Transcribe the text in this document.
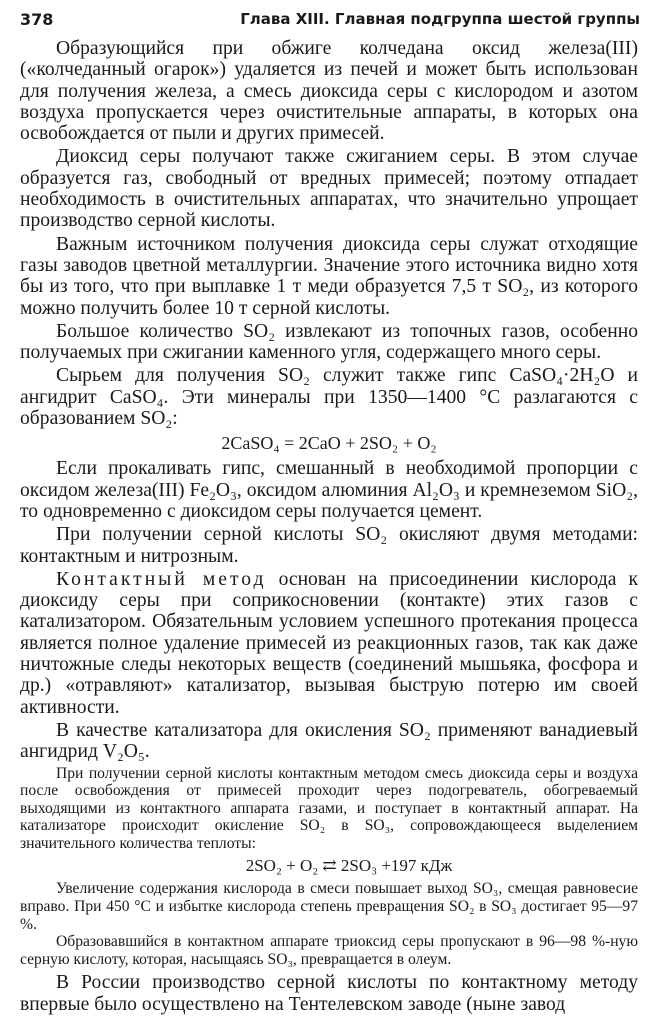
378	Глава XIII. Главная подгруппа шестой группы

Образующийся при обжиге колчедана оксид железа(III) («колчеданный огарок») удаляется из печей и может быть использован для получения железа, а смесь диоксида серы с кислородом и азотом воздуха пропускается через очистительные аппараты, в которых она освобождается от пыли и других примесей.

Диоксид серы получают также сжиганием серы. В этом случае образуется газ, свободный от вредных примесей; поэтому отпадает необходимость в очистительных аппаратах, что значительно упрощает производство серной кислоты.

Важным источником получения диоксида серы служат отходящие газы заводов цветной металлургии. Значение этого источника видно хотя бы из того, что при выплавке 1 т меди образуется 7,5 т SO₂, из которого можно получить более 10 т серной кислоты.

Большое количество SO₂ извлекают из топочных газов, особенно получаемых при сжигании каменного угля, содержащего много серы.

Сырьем для получения SO₂ служит также гипс CaSO₄·2H₂O и ангидрит CaSO₄. Эти минералы при 1350—1400 °С разлагаются с образованием SO₂:

2CaSO₄ = 2CaO + 2SO₂ + O₂

Если прокаливать гипс, смешанный в необходимой пропорции с оксидом железа(III) Fe₂O₃, оксидом алюминия Al₂O₃ и кремнеземом SiO₂, то одновременно с диоксидом серы получается цемент.

При получении серной кислоты SO₂ окисляют двумя методами: контактным и нитрозным.

Контактный метод основан на присоединении кислорода к диоксиду серы при соприкосновении (контакте) этих газов с катализатором. Обязательным условием успешного протекания процесса является полное удаление примесей из реакционных газов, так как даже ничтожные следы некоторых веществ (соединений мышьяка, фосфора и др.) «отравляют» катализатор, вызывая быструю потерю им своей активности.

В качестве катализатора для окисления SO₂ применяют ванадиевый ангидрид V₂O₅.

При получении серной кислоты контактным методом смесь диоксида серы и воздуха после освобождения от примесей проходит через подогреватель, обогреваемый выходящими из контактного аппарата газами, и поступает в контактный аппарат. На катализаторе происходит окисление SO₂ в SO₃, сопровождающееся выделением значительного количества теплоты:

2SO₂ + O₂ ⇄ 2SO₃ +197 кДж

Увеличение содержания кислорода в смеси повышает выход SO₃, смещая равновесие вправо. При 450 °С и избытке кислорода степень превращения SO₂ в SO₃ достигает 95—97 %.

Образовавшийся в контактном аппарате триоксид серы пропускают в 96—98 %-ную серную кислоту, которая, насыщаясь SO₃, превращается в олеум.

В России производство серной кислоты по контактному методу впервые было осуществлено на Тентелевском заводе (ныне завод
